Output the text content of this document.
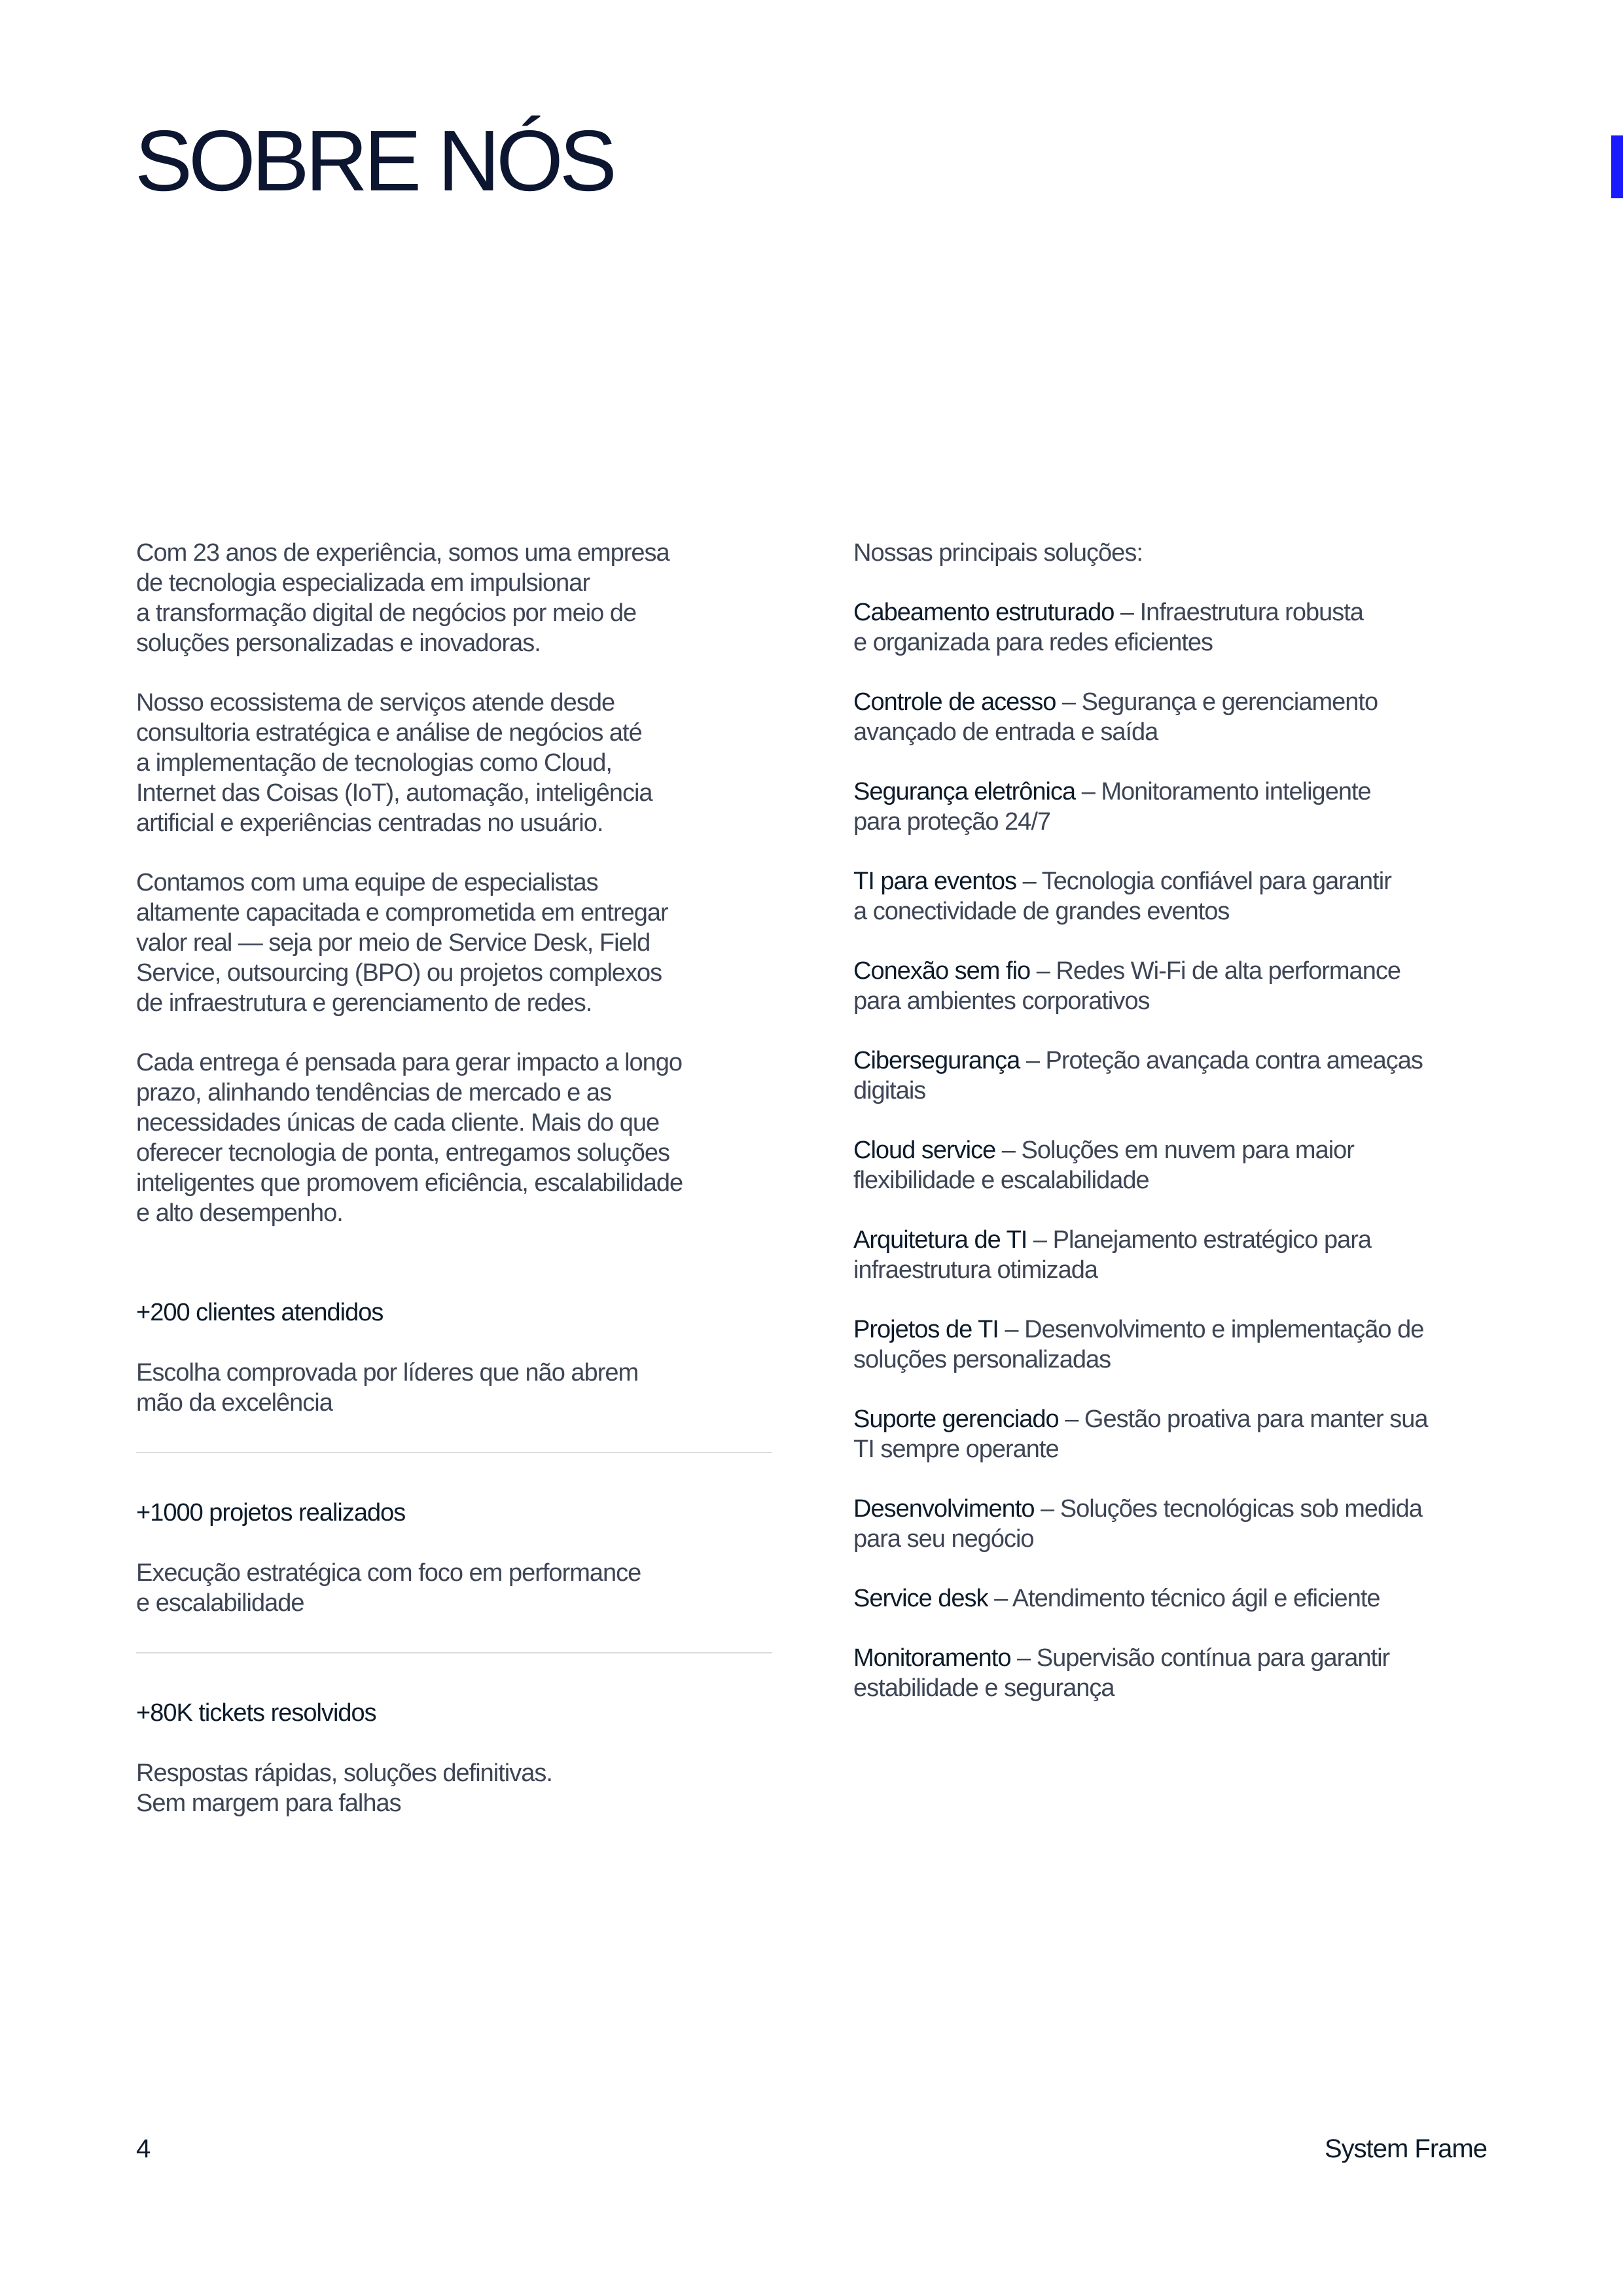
SOBRE NÓS

Com 23 anos de experiência, somos uma empresa
de tecnologia especializada em impulsionar
a transformação digital de negócios por meio de
soluções personalizadas e inovadoras.

Nosso ecossistema de serviços atende desde
consultoria estratégica e análise de negócios até
a implementação de tecnologias como Cloud,
Internet das Coisas (IoT), automação, inteligência
artificial e experiências centradas no usuário.

Contamos com uma equipe de especialistas
altamente capacitada e comprometida em entregar
valor real — seja por meio de Service Desk, Field
Service, outsourcing (BPO) ou projetos complexos
de infraestrutura e gerenciamento de redes.

Cada entrega é pensada para gerar impacto a longo
prazo, alinhando tendências de mercado e as
necessidades únicas de cada cliente. Mais do que
oferecer tecnologia de ponta, entregamos soluções
inteligentes que promovem eficiência, escalabilidade
e alto desempenho.

+200 clientes atendidos

Escolha comprovada por líderes que não abrem
mão da excelência

+1000 projetos realizados

Execução estratégica com foco em performance
e escalabilidade

+80K tickets resolvidos

Respostas rápidas, soluções definitivas.
Sem margem para falhas

Nossas principais soluções:

Cabeamento estruturado – Infraestrutura robusta
e organizada para redes eficientes

Controle de acesso – Segurança e gerenciamento
avançado de entrada e saída

Segurança eletrônica – Monitoramento inteligente
para proteção 24/7

TI para eventos – Tecnologia confiável para garantir
a conectividade de grandes eventos

Conexão sem fio – Redes Wi-Fi de alta performance
para ambientes corporativos

Cibersegurança – Proteção avançada contra ameaças
digitais

Cloud service – Soluções em nuvem para maior
flexibilidade e escalabilidade

Arquitetura de TI – Planejamento estratégico para
infraestrutura otimizada

Projetos de TI – Desenvolvimento e implementação de
soluções personalizadas

Suporte gerenciado – Gestão proativa para manter sua
TI sempre operante

Desenvolvimento – Soluções tecnológicas sob medida
para seu negócio

Service desk – Atendimento técnico ágil e eficiente

Monitoramento – Supervisão contínua para garantir
estabilidade e segurança

4	System Frame
